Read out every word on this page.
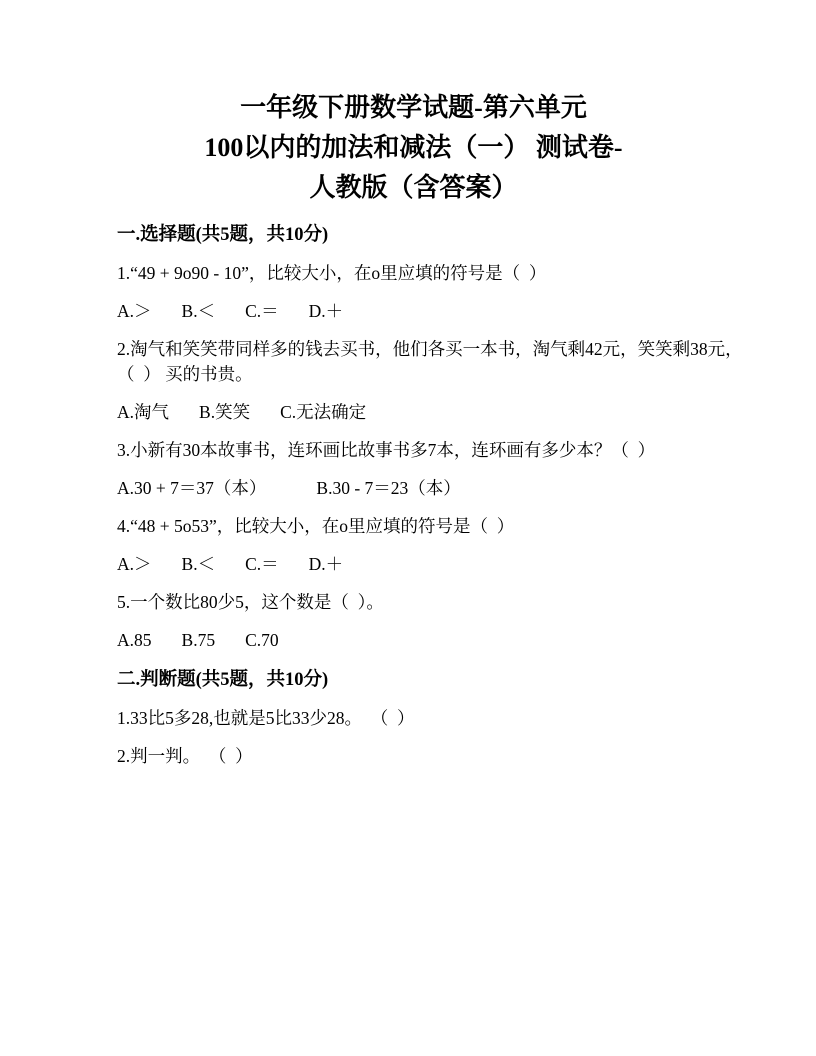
一年级下册数学试题-第六单元
100以内的加法和减法（一） 测试卷-
人教版（含答案）
一.选择题(共5题，共10分)
1.“49 + 9o90 - 10”，比较大小，在o里应填的符号是（  ）
A.＞ B.＜ C.＝ D.＋
2.淘气和笑笑带同样多的钱去买书，他们各买一本书，淘气剩42元，笑笑剩38元，
（  ） 买的书贵。
A.淘气 B.笑笑 C.无法确定
3.小新有30本故事书，连环画比故事书多7本，连环画有多少本？（  ）
A.30 + 7＝37（本）	B.30 - 7＝23（本）
4.“48 + 5o53”，比较大小，在o里应填的符号是（  ）
A.＞ B.＜ C.＝ D.＋
5.一个数比80少5，这个数是（  ）。
A.85 B.75 C.70
二.判断题(共5题，共10分)
1.33比5多28,也就是5比33少28。  （  ）
2.判一判。  （  ）
